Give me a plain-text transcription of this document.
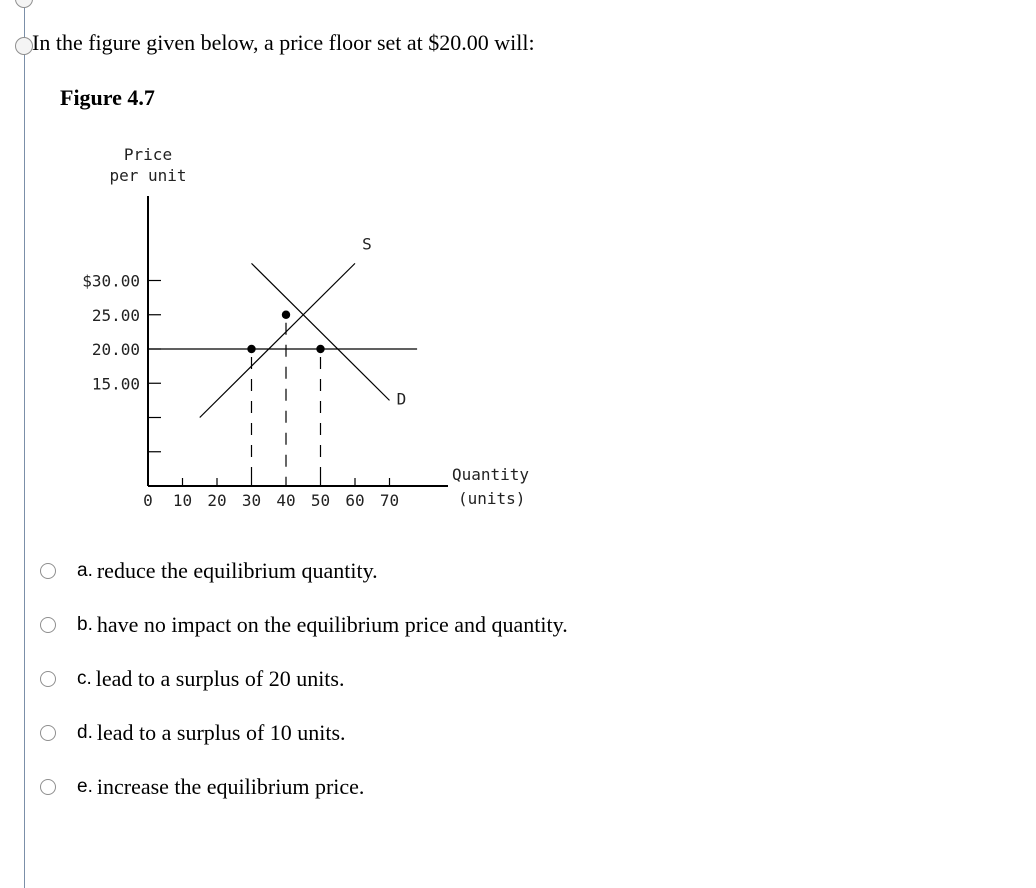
In the figure given below, a price floor set at $20.00 will:
Figure 4.7
Price
per unit
$30.00
25.00
20.00
15.00
0 10 20 30 40 50 60 70
S
D
Quantity
(units)
a. reduce the equilibrium quantity.
b. have no impact on the equilibrium price and quantity.
c. lead to a surplus of 20 units.
d. lead to a surplus of 10 units.
e. increase the equilibrium price.
